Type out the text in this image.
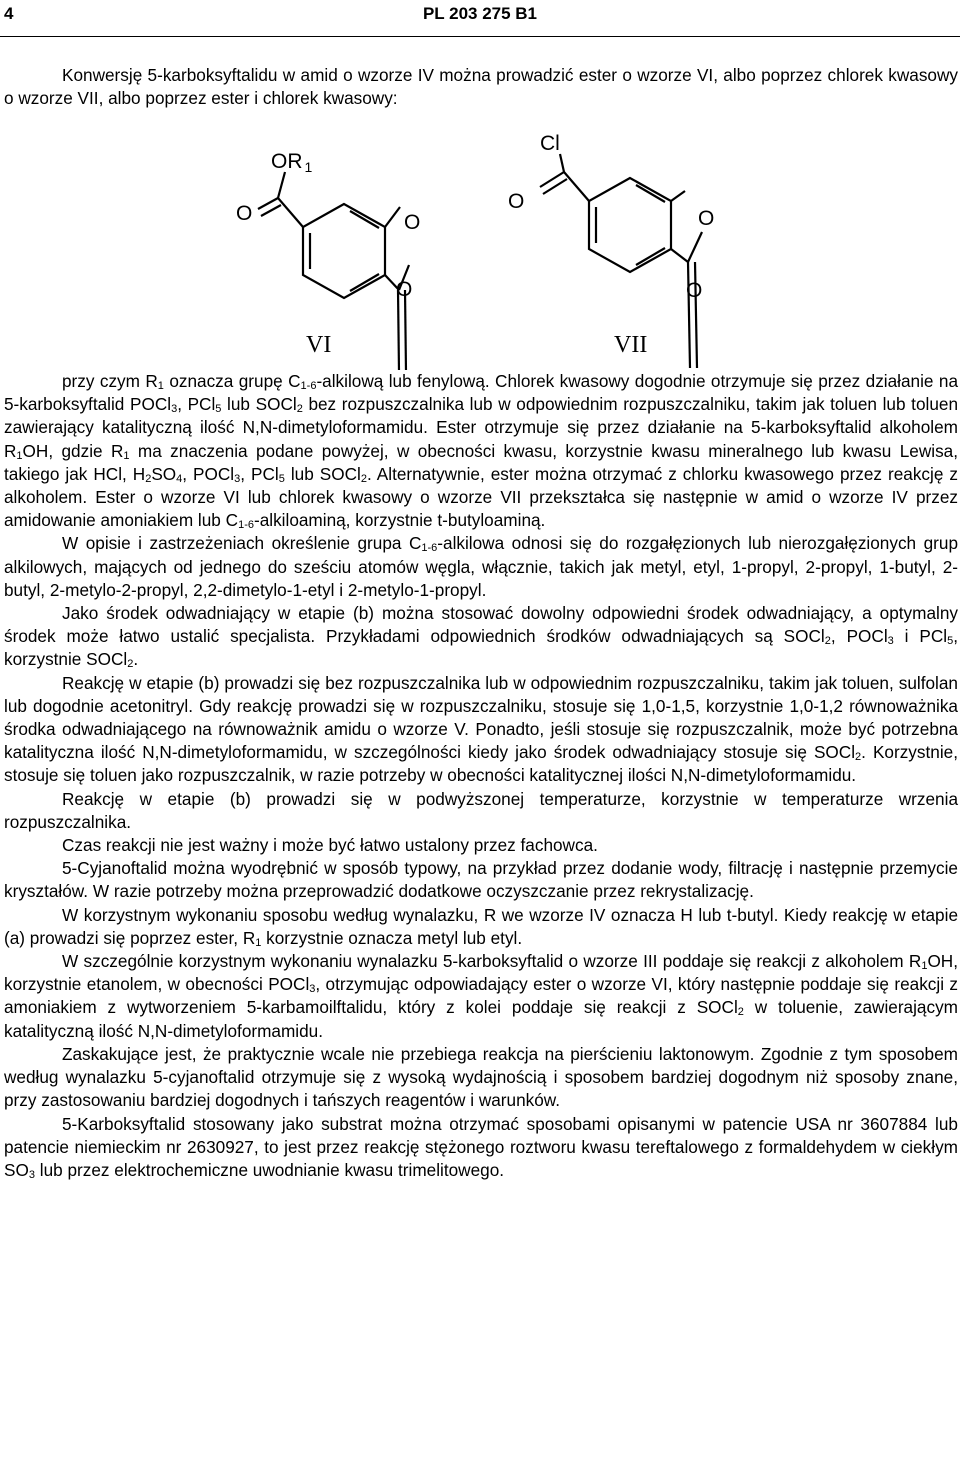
4	PL 203 275 B1

Konwersję 5-karboksyftalidu w amid o wzorze IV można prowadzić ester o wzorze VI, albo poprzez chlorek kwasowy o wzorze VII, albo poprzez ester i chlorek kwasowy:

OR 1
O	O
O
VI
Cl
O
O
O
VII
przy czym $R_1$ oznacza grupę $C_{1-6}$-alkilową lub fenylową. Chlorek kwasowy dogodnie otrzymuje się przez działanie na 5-karboksyftalid POCl$_3$, PCl$_5$ lub SOCl$_2$ bez rozpuszczalnika lub w odpowiednim rozpuszczalniku, takim jak toluen lub toluen zawierający katalityczną ilość N,N-dimetyloformamidu. Ester otrzymuje się przez działanie na 5-karboksyftalid alkoholem $R_1OH$, gdzie $R_1$ ma znaczenia podane powyżej, w obecności kwasu, korzystnie kwasu mineralnego lub kwasu Lewisa, takiego jak HCl, $H_2SO_4$, POCl$_3$, PCl$_5$ lub SOCl$_2$. Alternatywnie, ester można otrzymać z chlorku kwasowego przez reakcję z alkoholem. Ester o wzorze VI lub chlorek kwasowy o wzorze VII przekształca się następnie w amid o wzorze IV przez amidowanie amoniakiem lub $C_{1-6}$-alkiloaminą, korzystnie t-butyloaminą.
W opisie i zastrzeżeniach określenie grupa $C_{1-6}$-alkilowa odnosi się do rozgałęzionych lub nierozgałęzionych grup alkilowych, mających od jednego do sześciu atomów węgla, włącznie, takich jak metyl, etyl, 1-propyl, 2-propyl, 1-butyl, 2-butyl, 2-metylo-2-propyl, 2,2-dimetylo-1-etyl i 2-metylo-1-propyl.
Jako środek odwadniający w etapie (b) można stosować dowolny odpowiedni środek odwadniający, a optymalny środek może łatwo ustalić specjalista. Przykładami odpowiednich środków odwadniających są SOCl$_2$, POCl$_3$ i PCl$_5$, korzystnie SOCl$_2$.
Reakcję w etapie (b) prowadzi się bez rozpuszczalnika lub w odpowiednim rozpuszczalniku, takim jak toluen, sulfolan lub dogodnie acetonitryl. Gdy reakcję prowadzi się w rozpuszczalniku, stosuje się 1,0-1,5, korzystnie 1,0-1,2 równoważnika środka odwadniającego na równoważnik amidu o wzorze V. Ponadto, jeśli stosuje się rozpuszczalnik, może być potrzebna katalityczna ilość N,N-dimetyloformamidu, w szczególności kiedy jako środek odwadniający stosuje się SOCl$_2$. Korzystnie, stosuje się toluen jako rozpuszczalnik, w razie potrzeby w obecności katalitycznej ilości N,N-dimetyloformamidu.
Reakcję w etapie (b) prowadzi się w podwyższonej temperaturze, korzystnie w temperaturze wrzenia rozpuszczalnika.
Czas reakcji nie jest ważny i może być łatwo ustalony przez fachowca.
5-Cyjanoftalid można wyodrębnić w sposób typowy, na przykład przez dodanie wody, filtrację i następnie przemycie kryształów. W razie potrzeby można przeprowadzić dodatkowe oczyszczanie przez rekrystalizację.
W korzystnym wykonaniu sposobu według wynalazku, R we wzorze IV oznacza H lub t-butyl. Kiedy reakcję w etapie (a) prowadzi się poprzez ester, $R_1$ korzystnie oznacza metyl lub etyl.
W szczególnie korzystnym wykonaniu wynalazku 5-karboksyftalid o wzorze III poddaje się reakcji z alkoholem $R_1OH$, korzystnie etanolem, w obecności POCl$_3$, otrzymując odpowiadający ester o wzorze VI, który następnie poddaje się reakcji z amoniakiem z wytworzeniem 5-karbamoilftalidu, który z kolei poddaje się reakcji z SOCl$_2$ w toluenie, zawierającym katalityczną ilość N,N-dimetyloformamidu.
Zaskakujące jest, że praktycznie wcale nie przebiega reakcja na pierścieniu laktonowym. Zgodnie z tym sposobem według wynalazku 5-cyjanoftalid otrzymuje się z wysoką wydajnością i sposobem bardziej dogodnym niż sposoby znane, przy zastosowaniu bardziej dogodnych i tańszych reagentów i warunków.
5-Karboksyftalid stosowany jako substrat można otrzymać sposobami opisanymi w patencie USA nr 3607884 lub patencie niemieckim nr 2630927, to jest przez reakcję stężonego roztworu kwasu tereftalowego z formaldehydem w ciekłym $SO_3$ lub przez elektrochemiczne uwodnianie kwasu trimelitowego.
